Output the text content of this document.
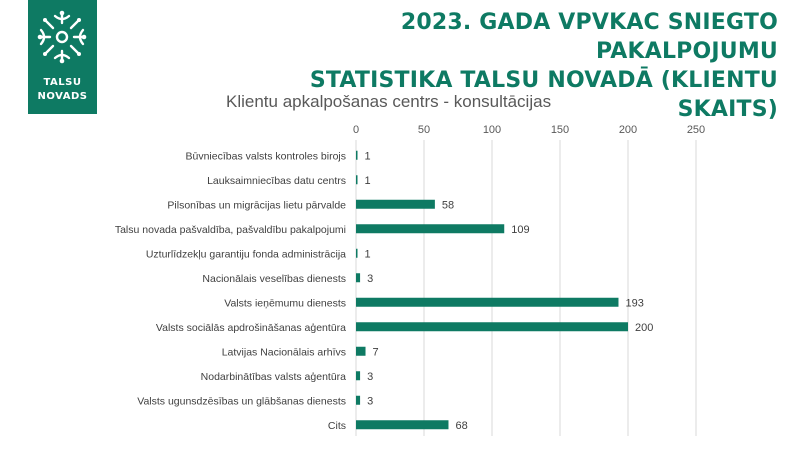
TALSU
NOVADS
2023. GADA VPVKAC SNIEGTO PAKALPOJUMU
STATISTIKA TALSU NOVADĀ (KLIENTU SKAITS)
Klientu apkalpošanas centrs - konsultācijas
0	50	100	150	200	250
Būvniecības valsts kontroles birojs 1
Lauksaimniecības datu centrs 1
Pilsonības un migrācijas lietu pārvalde	58
Talsu novada pašvaldība, pašvaldību pakalpojumi	109
Uzturlīdzekļu garantiju fonda administrācija 1
Nacionālais veselības dienests 3
Valsts ieņēmumu dienests	193
Valsts sociālās apdrošināšanas aģentūra	200
Latvijas Nacionālais arhīvs 7
Nodarbinātības valsts aģentūra 3
Valsts ugunsdzēsības un glābšanas dienests 3
Cits	68
